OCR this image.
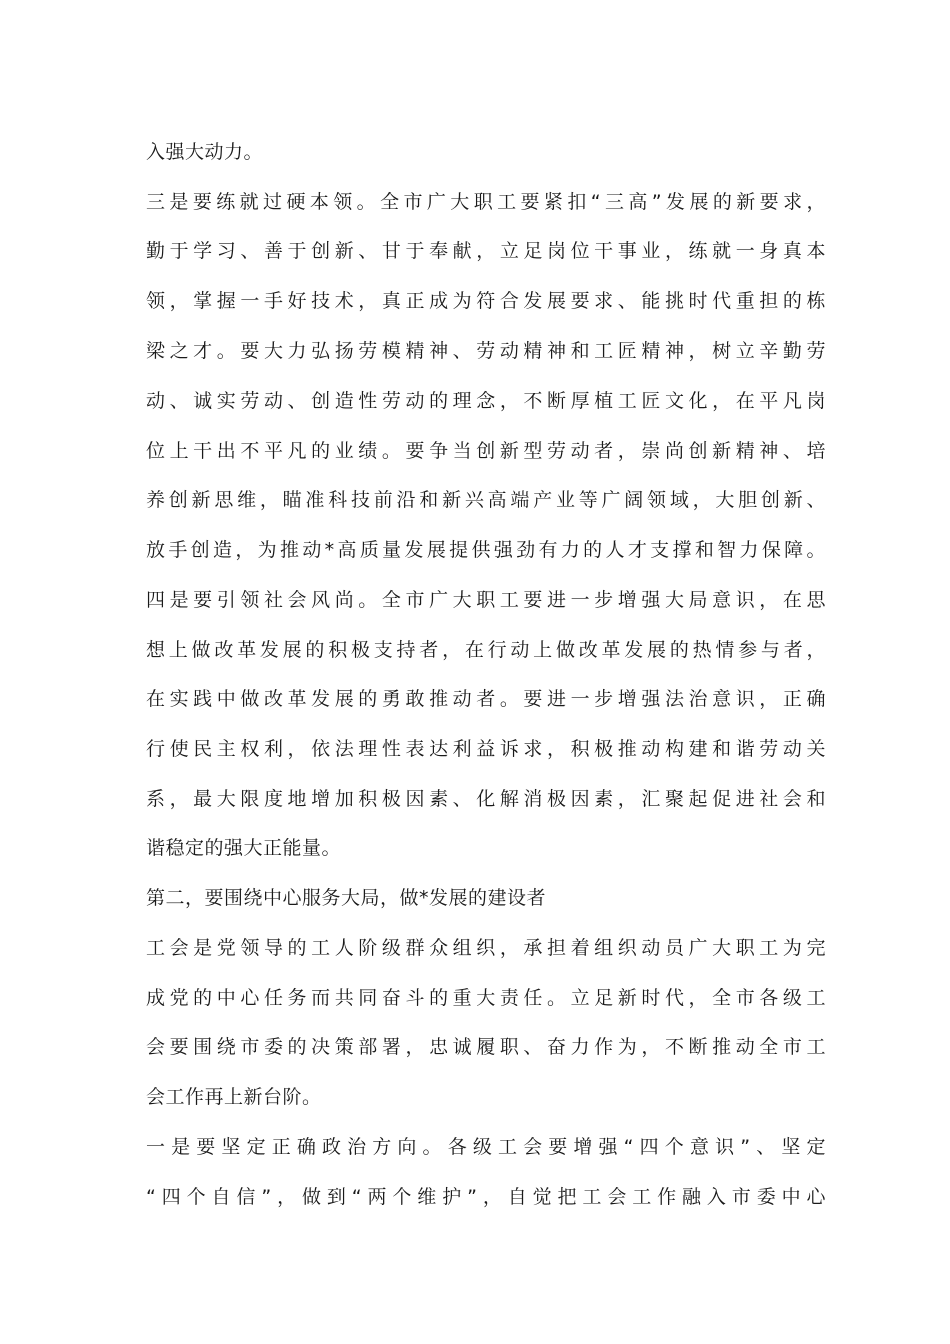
入强大动力。
三是要练就过硬本领。全市广大职工要紧扣“三高”发展的新要求，
勤于学习、善于创新、甘于奉献，立足岗位干事业，练就一身真本
领，掌握一手好技术，真正成为符合发展要求、能挑时代重担的栋
梁之才。要大力弘扬劳模精神、劳动精神和工匠精神，树立辛勤劳
动、诚实劳动、创造性劳动的理念，不断厚植工匠文化，在平凡岗
位上干出不平凡的业绩。要争当创新型劳动者，崇尚创新精神、培
养创新思维，瞄准科技前沿和新兴高端产业等广阔领域，大胆创新、
放手创造，为推动*高质量发展提供强劲有力的人才支撑和智力保障。
四是要引领社会风尚。全市广大职工要进一步增强大局意识，在思
想上做改革发展的积极支持者，在行动上做改革发展的热情参与者，
在实践中做改革发展的勇敢推动者。要进一步增强法治意识，正确
行使民主权利，依法理性表达利益诉求，积极推动构建和谐劳动关
系，最大限度地增加积极因素、化解消极因素，汇聚起促进社会和
谐稳定的强大正能量。
第二，要围绕中心服务大局，做*发展的建设者
工会是党领导的工人阶级群众组织，承担着组织动员广大职工为完
成党的中心任务而共同奋斗的重大责任。立足新时代，全市各级工
会要围绕市委的决策部署，忠诚履职、奋力作为，不断推动全市工
会工作再上新台阶。
一是要坚定正确政治方向。各级工会要增强“四个意识”、坚定
“四个自信”，做到“两个维护”，自觉把工会工作融入市委中心
